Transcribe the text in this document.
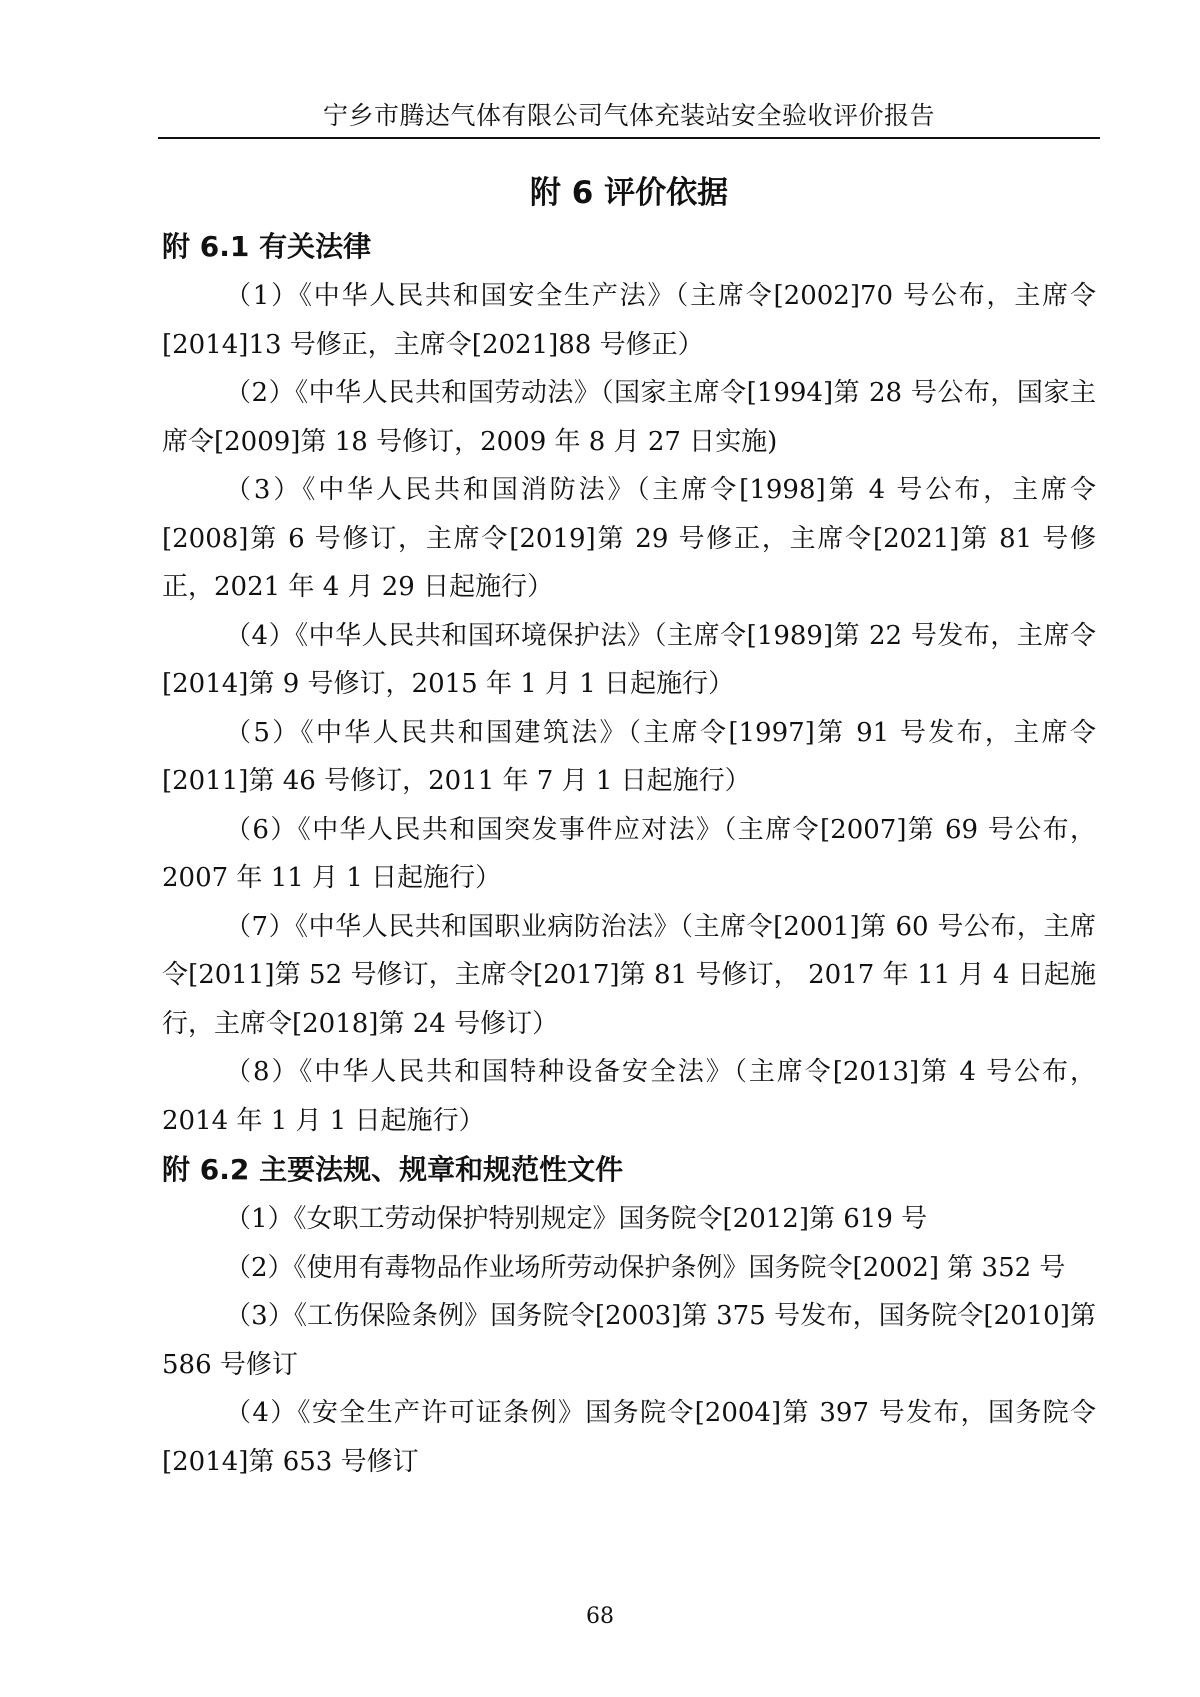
宁乡市腾达气体有限公司气体充装站安全验收评价报告
附 6 评价依据
附 6.1 有关法律

（1）《中华人民共和国安全生产法》（主席令[2002]70 号公布，主席令[2014]13 号修正，主席令[2021]88 号修正）

（2）《中华人民共和国劳动法》（国家主席令[1994]第 28 号公布，国家主席令[2009]第 18 号修订，2009 年 8 月 27 日实施)

（3）《中华人民共和国消防法》（主席令[1998]第 4 号公布，主席令[2008]第 6 号修订，主席令[2019]第 29 号修正，主席令[2021]第 81 号修正，2021 年 4 月 29 日起施行）

（4）《中华人民共和国环境保护法》（主席令[1989]第 22 号发布，主席令[2014]第 9 号修订，2015 年 1 月 1 日起施行）

（5）《中华人民共和国建筑法》（主席令[1997]第 91 号发布，主席令[2011]第 46 号修订，2011 年 7 月 1 日起施行）

（6）《中华人民共和国突发事件应对法》（主席令[2007]第 69 号公布，2007 年 11 月 1 日起施行）

（7）《中华人民共和国职业病防治法》（主席令[2001]第 60 号公布，主席令[2011]第 52 号修订，主席令[2017]第 81 号修订， 2017 年 11 月 4 日起施行，主席令[2018]第 24 号修订）

（8）《中华人民共和国特种设备安全法》（主席令[2013]第 4 号公布，2014 年 1 月 1 日起施行）

附 6.2 主要法规、规章和规范性文件

（1）《女职工劳动保护特别规定》国务院令[2012]第 619 号

（2）《使用有毒物品作业场所劳动保护条例》国务院令[2002] 第 352 号

（3）《工伤保险条例》国务院令[2003]第 375 号发布，国务院令[2010]第 586 号修订

（4）《安全生产许可证条例》国务院令[2004]第 397 号发布，国务院令[2014]第 653 号修订

68
